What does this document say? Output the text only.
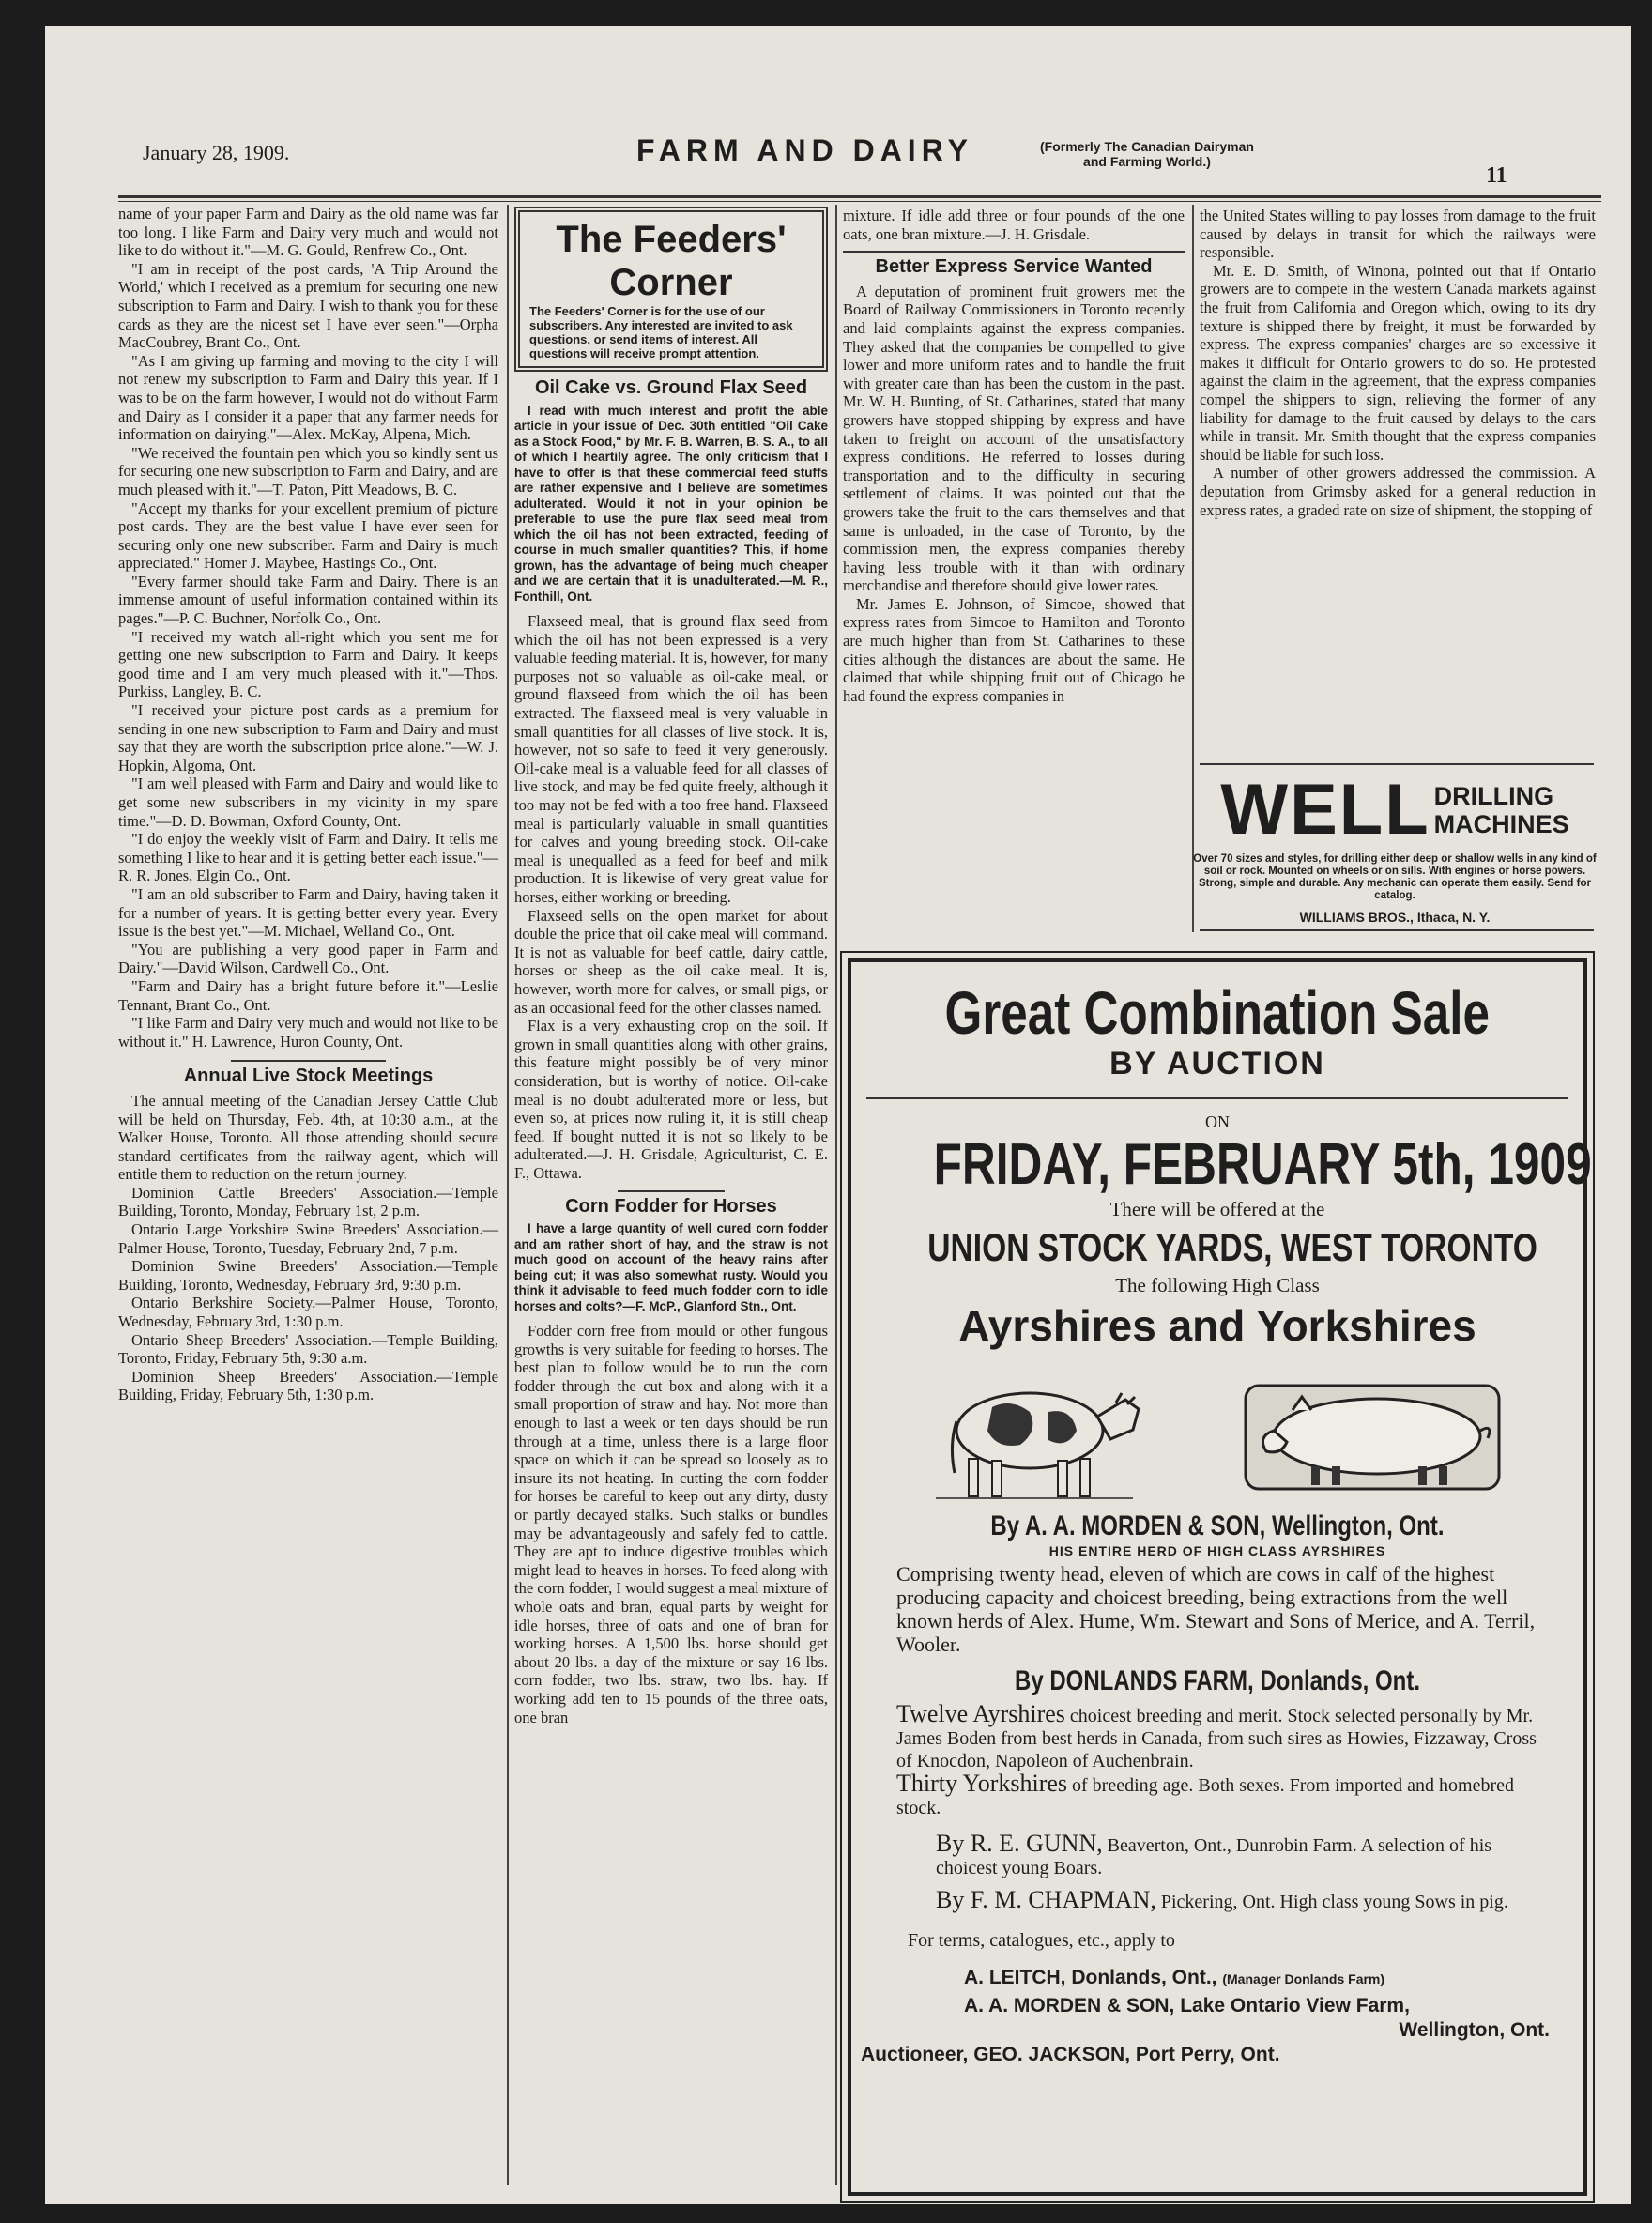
January 28, 1909.	FARM AND DAIRY	(Formerly The Canadian Dairyman
and Farming World.)
11

name of your paper Farm and Dairy as the old name was far too long. I like Farm and Dairy very much and would not like to do without it."—M. G. Gould, Renfrew Co., Ont.

"I am in receipt of the post cards, 'A Trip Around the World,' which I received as a premium for securing one new subscription to Farm and Dairy. I wish to thank you for these cards as they are the nicest set I have ever seen."—Orpha MacCoubrey, Brant Co., Ont.

"As I am giving up farming and moving to the city I will not renew my subscription to Farm and Dairy this year. If I was to be on the farm however, I would not do without Farm and Dairy as I consider it a paper that any farmer needs for information on dairying."—Alex. McKay, Alpena, Mich.

"We received the fountain pen which you so kindly sent us for securing one new subscription to Farm and Dairy, and are much pleased with it."—T. Paton, Pitt Meadows, B. C.

"Accept my thanks for your excellent premium of picture post cards. They are the best value I have ever seen for securing only one new subscriber. Farm and Dairy is much appreciated." Homer J. Maybee, Hastings Co., Ont.

"Every farmer should take Farm and Dairy. There is an immense amount of useful information contained within its pages."—P. C. Buchner, Norfolk Co., Ont.

"I received my watch all-right which you sent me for getting one new subscription to Farm and Dairy. It keeps good time and I am very much pleased with it."—Thos. Purkiss, Langley, B. C.

"I received your picture post cards as a premium for sending in one new subscription to Farm and Dairy and must say that they are worth the subscription price alone."—W. J. Hopkin, Algoma, Ont.

"I am well pleased with Farm and Dairy and would like to get some new subscribers in my vicinity in my spare time."—D. D. Bowman, Oxford County, Ont.

"I do enjoy the weekly visit of Farm and Dairy. It tells me something I like to hear and it is getting better each issue."—R. R. Jones, Elgin Co., Ont.

"I am an old subscriber to Farm and Dairy, having taken it for a number of years. It is getting better every year. Every issue is the best yet."—M. Michael, Welland Co., Ont.

"You are publishing a very good paper in Farm and Dairy."—David Wilson, Cardwell Co., Ont.

"Farm and Dairy has a bright future before it."—Leslie Tennant, Brant Co., Ont.

"I like Farm and Dairy very much and would not like to be without it." H. Lawrence, Huron County, Ont.

Annual Live Stock Meetings

The annual meeting of the Canadian Jersey Cattle Club will be held on Thursday, Feb. 4th, at 10:30 a.m., at the Walker House, Toronto. All those attending should secure standard certificates from the railway agent, which will entitle them to reduction on the return journey.

Dominion Cattle Breeders' Association.—Temple Building, Toronto, Monday, February 1st, 2 p.m.

Ontario Large Yorkshire Swine Breeders' Association.—Palmer House, Toronto, Tuesday, February 2nd, 7 p.m.

Dominion Swine Breeders' Association.—Temple Building, Toronto, Wednesday, February 3rd, 9:30 p.m.

Ontario Berkshire Society.—Palmer House, Toronto, Wednesday, February 3rd, 1:30 p.m.

Ontario Sheep Breeders' Association.—Temple Building, Toronto, Friday, February 5th, 9:30 a.m.

Dominion Sheep Breeders' Association.—Temple Building, Friday, February 5th, 1:30 p.m.

The Feeders' Corner
The Feeders' Corner is for the use of our subscribers. Any interested are invited to ask questions, or send items of interest. All questions will receive prompt attention.
Oil Cake vs. Ground Flax Seed

I read with much interest and profit the able article in your issue of Dec. 30th entitled "Oil Cake as a Stock Food," by Mr. F. B. Warren, B. S. A., to all of which I heartily agree. The only criticism that I have to offer is that these commercial feed stuffs are rather expensive and I believe are sometimes adulterated. Would it not in your opinion be preferable to use the pure flax seed meal from which the oil has not been extracted, feeding of course in much smaller quantities? This, if home grown, has the advantage of being much cheaper and we are certain that it is unadulterated.—M. R., Fonthill, Ont.

Flaxseed meal, that is ground flax seed from which the oil has not been expressed is a very valuable feeding material. It is, however, for many purposes not so valuable as oil-cake meal, or ground flaxseed from which the oil has been extracted. The flaxseed meal is very valuable in small quantities for all classes of live stock. It is, however, not so safe to feed it very generously. Oil-cake meal is a valuable feed for all classes of live stock, and may be fed quite freely, although it too may not be fed with a too free hand. Flaxseed meal is particularly valuable in small quantities for calves and young breeding stock. Oil-cake meal is unequalled as a feed for beef and milk production. It is likewise of very great value for horses, either working or breeding.

Flaxseed sells on the open market for about double the price that oil cake meal will command. It is not as valuable for beef cattle, dairy cattle, horses or sheep as the oil cake meal. It is, however, worth more for calves, or small pigs, or as an occasional feed for the other classes named.

Flax is a very exhausting crop on the soil. If grown in small quantities along with other grains, this feature might possibly be of very minor consideration, but is worthy of notice. Oil-cake meal is no doubt adulterated more or less, but even so, at prices now ruling it, it is still cheap feed. If bought nutted it is not so likely to be adulterated.—J. H. Grisdale, Agriculturist, C. E. F., Ottawa.

Corn Fodder for Horses

I have a large quantity of well cured corn fodder and am rather short of hay, and the straw is not much good on account of the heavy rains after being cut; it was also somewhat rusty. Would you think it advisable to feed much fodder corn to idle horses and colts?—F. McP., Glanford Stn., Ont.

Fodder corn free from mould or other fungous growths is very suitable for feeding to horses. The best plan to follow would be to run the corn fodder through the cut box and along with it a small proportion of straw and hay. Not more than enough to last a week or ten days should be run through at a time, unless there is a large floor space on which it can be spread so loosely as to insure its not heating. In cutting the corn fodder for horses be careful to keep out any dirty, dusty or partly decayed stalks. Such stalks or bundles may be advantageously and safely fed to cattle. They are apt to induce digestive troubles which might lead to heaves in horses. To feed along with the corn fodder, I would suggest a meal mixture of whole oats and bran, equal parts by weight for idle horses, three of oats and one of bran for working horses. A 1,500 lbs. horse should get about 20 lbs. a day of the mixture or say 16 lbs. corn fodder, two lbs. straw, two lbs. hay. If working add ten to 15 pounds of the three oats, one bran

mixture. If idle add three or four pounds of the one oats, one bran mixture.—J. H. Grisdale.

Better Express Service Wanted

A deputation of prominent fruit growers met the Board of Railway Commissioners in Toronto recently and laid complaints against the express companies. They asked that the companies be compelled to give lower and more uniform rates and to handle the fruit with greater care than has been the custom in the past. Mr. W. H. Bunting, of St. Catharines, stated that many growers have stopped shipping by express and have taken to freight on account of the unsatisfactory express conditions. He referred to losses during transportation and to the difficulty in securing settlement of claims. It was pointed out that the growers take the fruit to the cars themselves and that same is unloaded, in the case of Toronto, by the commission men, the express companies thereby having less trouble with it than with ordinary merchandise and therefore should give lower rates.

Mr. James E. Johnson, of Simcoe, showed that express rates from Simcoe to Hamilton and Toronto are much higher than from St. Catharines to these cities although the distances are about the same. He claimed that while shipping fruit out of Chicago he had found the express companies in

the United States willing to pay losses from damage to the fruit caused by delays in transit for which the railways were responsible.

Mr. E. D. Smith, of Winona, pointed out that if Ontario growers are to compete in the western Canada markets against the fruit from California and Oregon which, owing to its dry texture is shipped there by freight, it must be forwarded by express. The express companies' charges are so excessive it makes it difficult for Ontario growers to do so. He protested against the claim in the agreement, that the express companies compel the shippers to sign, relieving the former of any liability for damage to the fruit caused by delays to the cars while in transit. Mr. Smith thought that the express companies should be liable for such loss.

A number of other growers addressed the commission. A deputation from Grimsby asked for a general reduction in express rates, a graded rate on size of shipment, the stopping of

WELL DRILLING
MACHINES
Over 70 sizes and styles, for drilling either deep or shallow wells in any kind of soil or rock. Mounted on wheels or on sills. With engines or horse powers. Strong, simple and durable. Any mechanic can operate them easily. Send for catalog.
WILLIAMS BROS., Ithaca, N. Y.
Great Combination Sale
BY AUCTION
ON
FRIDAY, FEBRUARY 5th, 1909
There will be offered at the
UNION STOCK YARDS, WEST TORONTO
The following High Class
Ayrshires and Yorkshires
By A. A. MORDEN & SON, Wellington, Ont.
HIS ENTIRE HERD OF HIGH CLASS AYRSHIRES

Comprising twenty head, eleven of which are cows in calf of the highest producing capacity and choicest breeding, being extractions from the well known herds of Alex. Hume, Wm. Stewart and Sons of Merice, and A. Terril, Wooler.

By DONLANDS FARM, Donlands, Ont.

Twelve Ayrshires choicest breeding and merit. Stock selected personally by Mr. James Boden from best herds in Canada, from such sires as Howies, Fizzaway, Cross of Knocdon, Napoleon of Auchenbrain.

Thirty Yorkshires of breeding age. Both sexes. From imported and homebred stock.

By R. E. GUNN, Beaverton, Ont., Dunrobin Farm. A selection of his choicest young Boars.

By F. M. CHAPMAN, Pickering, Ont. High class young Sows in pig.

For terms, catalogues, etc., apply to

A. LEITCH, Donlands, Ont., (Manager Donlands Farm)

A. A. MORDEN & SON, Lake Ontario View Farm,

Wellington, Ont.

Auctioneer, GEO. JACKSON, Port Perry, Ont.
